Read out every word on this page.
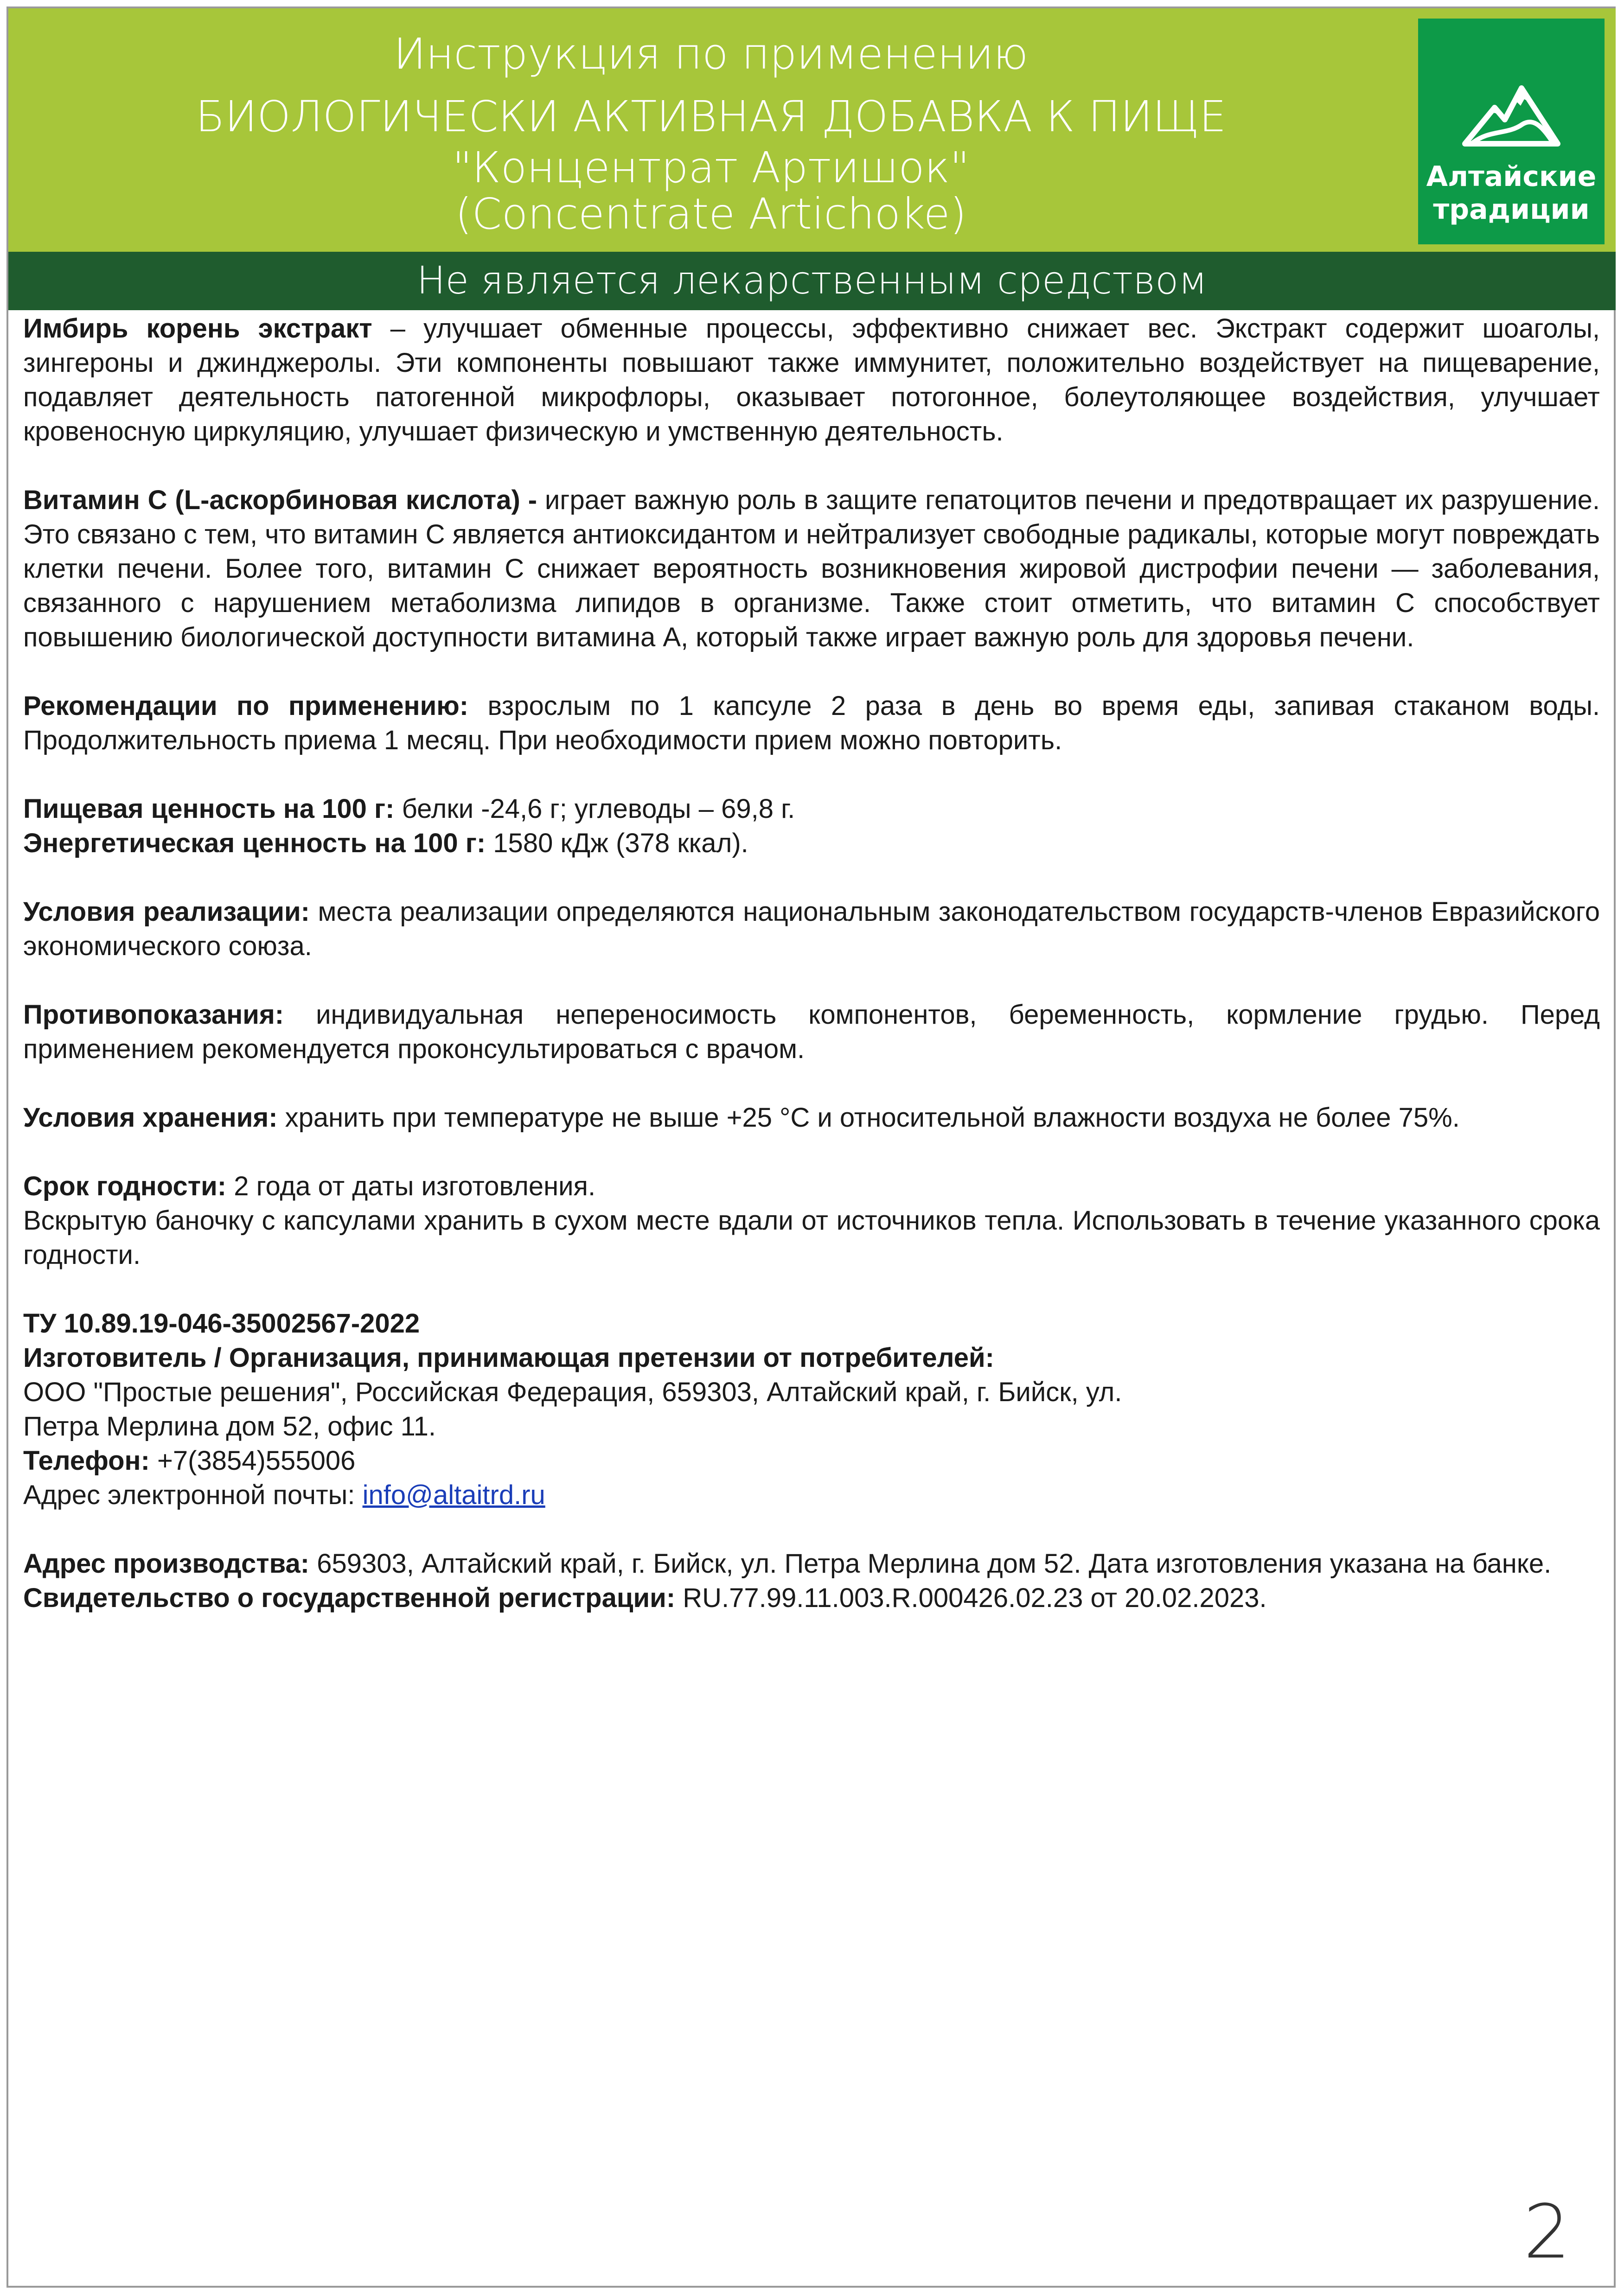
Инструкция по применению
БИОЛОГИЧЕСКИ АКТИВНАЯ ДОБАВКА К ПИЩЕ
"Концентрат Артишок"
(Concentrate Artichoke)
Алтайские
традиции
Не является лекарственным средством
Имбирь корень экстракт – улучшает обменные процессы, эффективно снижает вес. Экстракт содержит шоаголы, зингероны и джинджеролы. Эти компоненты повышают также иммунитет, положительно воздействует на пищеварение, подавляет деятельность патогенной микрофлоры, оказывает потогонное, болеутоляющее воздействия, улучшает кровеносную циркуляцию, улучшает физическую и умственную деятельность.
Витамин С (L-аскорбиновая кислота) - играет важную роль в защите гепатоцитов печени и предотвращает их разрушение. Это связано с тем, что витамин С является антиоксидантом и нейтрализует свободные радикалы, которые могут повреждать клетки печени. Более того, витамин С снижает вероятность возникновения жировой дистрофии печени — заболевания, связанного с нарушением метаболизма липидов в организме. Также стоит отметить, что витамин С способствует повышению биологической доступности витамина А, который также играет важную роль для здоровья печени.
Рекомендации по применению: взрослым по 1 капсуле 2 раза в день во время еды, запивая стаканом воды. Продолжительность приема 1 месяц. При необходимости прием можно повторить.

Пищевая ценность на 100 г: белки -24,6 г; углеводы – 69,8 г.

Энергетическая ценность на 100 г: 1580 кДж (378 ккал).

Условия реализации: места реализации определяются национальным законодательством государств-членов Евразийского экономического союза.
Противопоказания: индивидуальная непереносимость компонентов, беременность, кормление грудью. Перед применением рекомендуется проконсультироваться с врачом.
Условия хранения: хранить при температуре не выше +25 °С и относительной влажности воздуха не более 75%.

Срок годности: 2 года от даты изготовления.

Вскрытую баночку с капсулами хранить в сухом месте вдали от источников тепла. Использовать в течение указанного срока годности.

ТУ 10.89.19-046-35002567-2022

Изготовитель / Организация, принимающая претензии от потребителей:

ООО "Простые решения", Российская Федерация, 659303, Алтайский край, г. Бийск, ул.

Петра Мерлина дом 52, офис 11.

Телефон: +7(3854)555006

Адрес электронной почты: info@altaitrd.ru

Адрес производства: 659303, Алтайский край, г. Бийск, ул. Петра Мерлина дом 52. Дата изготовления указана на банке.

Свидетельство о государственной регистрации: RU.77.99.11.003.R.000426.02.23 от 20.02.2023.

2
